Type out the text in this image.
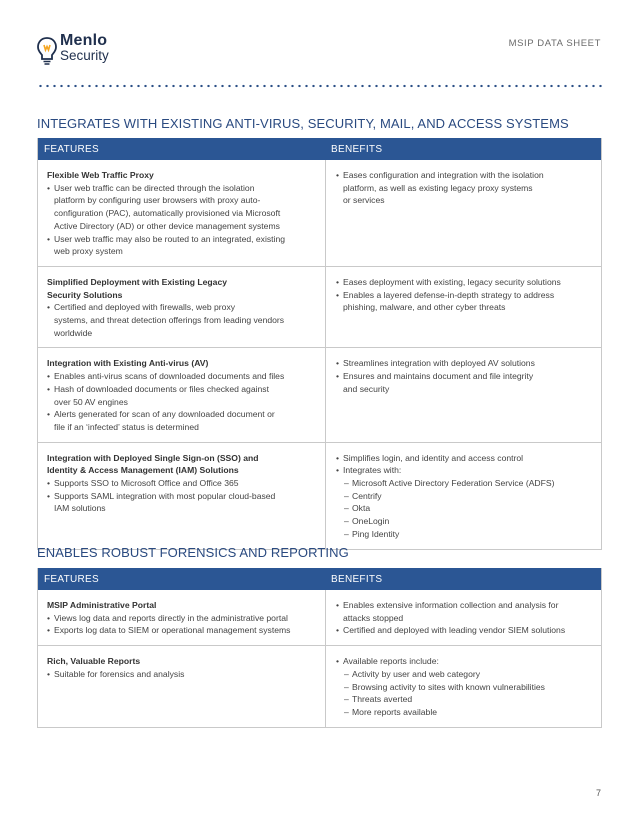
Menlo
Security
MSIP DATA SHEET
INTEGRATES WITH EXISTING ANTI-VIRUS, SECURITY, MAIL, AND ACCESS SYSTEMS
FEATURES	BENEFITS
Flexible Web Traffic Proxy
• User web traffic can be directed through the isolation
platform by configuring user browsers with proxy auto-
configuration (PAC), automatically provisioned via Microsoft
Active Directory (AD) or other device management systems
• User web traffic may also be routed to an integrated, existing
web proxy system
• Eases configuration and integration with the isolation
platform, as well as existing legacy proxy systems
or services
Simplified Deployment with Existing Legacy
Security Solutions
• Certified and deployed with firewalls, web proxy
systems, and threat detection offerings from leading vendors
worldwide
• Eases deployment with existing, legacy security solutions
• Enables a layered defense-in-depth strategy to address
phishing, malware, and other cyber threats
Integration with Existing Anti-virus (AV)
• Enables anti-virus scans of downloaded documents and files
• Hash of downloaded documents or files checked against
over 50 AV engines
• Alerts generated for scan of any downloaded document or
file if an ‘infected’ status is determined
• Streamlines integration with deployed AV solutions
• Ensures and maintains document and file integrity
and security
Integration with Deployed Single Sign-on (SSO) and
Identity & Access Management (IAM) Solutions
• Supports SSO to Microsoft Office and Office 365
• Supports SAML integration with most popular cloud-based
IAM solutions
• Simplifies login, and identity and access control
• Integrates with:
– Microsoft Active Directory Federation Service (ADFS)
– Centrify
– Okta
– OneLogin
– Ping Identity
ENABLES ROBUST FORENSICS AND REPORTING
FEATURES	BENEFITS
MSIP Administrative Portal
• Views log data and reports directly in the administrative portal
• Exports log data to SIEM or operational management systems
• Enables extensive information collection and analysis for
attacks stopped
• Certified and deployed with leading vendor SIEM solutions
Rich, Valuable Reports
• Suitable for forensics and analysis
• Available reports include:
– Activity by user and web category
– Browsing activity to sites with known vulnerabilities
– Threats averted
– More reports available
7
